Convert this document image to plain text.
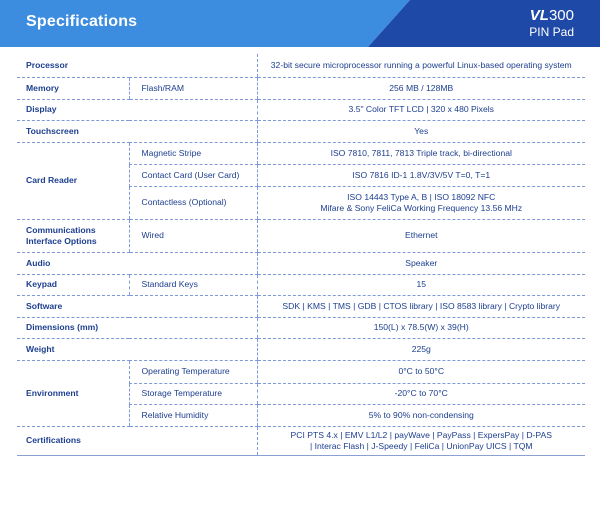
Specifications	VL300
PIN Pad
Processor		32-bit secure microprocessor running a powerful Linux-based operating system
Memory	Flash/RAM	256 MB / 128MB
Display		3.5" Color TFT LCD | 320 x 480 Pixels
Touchscreen		Yes
Card Reader	Magnetic Stripe	ISO 7810, 7811, 7813 Triple track, bi-directional
	Contact Card (User Card)	ISO 7816 ID-1 1.8V/3V/5V T=0, T=1
	Contactless (Optional)	ISO 14443 Type A, B | ISO 18092 NFC
Mifare & Sony FeliCa Working Frequency 13.56 MHz

Communications
Interface Options	Wired	Ethernet
Audio		Speaker
Keypad	Standard Keys	15
Software		SDK | KMS | TMS | GDB | CTOS library | ISO 8583 library | Crypto library
Dimensions (mm)		150(L) x 78.5(W) x 39(H)
Weight		225g
Environment	Operating Temperature	0°C to 50°C
	Storage Temperature	-20°C to 70°C
	Relative Humidity	5% to 90% non-condensing
Certifications		PCI PTS 4.x | EMV L1/L2 | payWave | PayPass | ExpersPay | D-PAS
| Interac Flash | J-Speedy | FeliCa | UnionPay UICS | TQM
